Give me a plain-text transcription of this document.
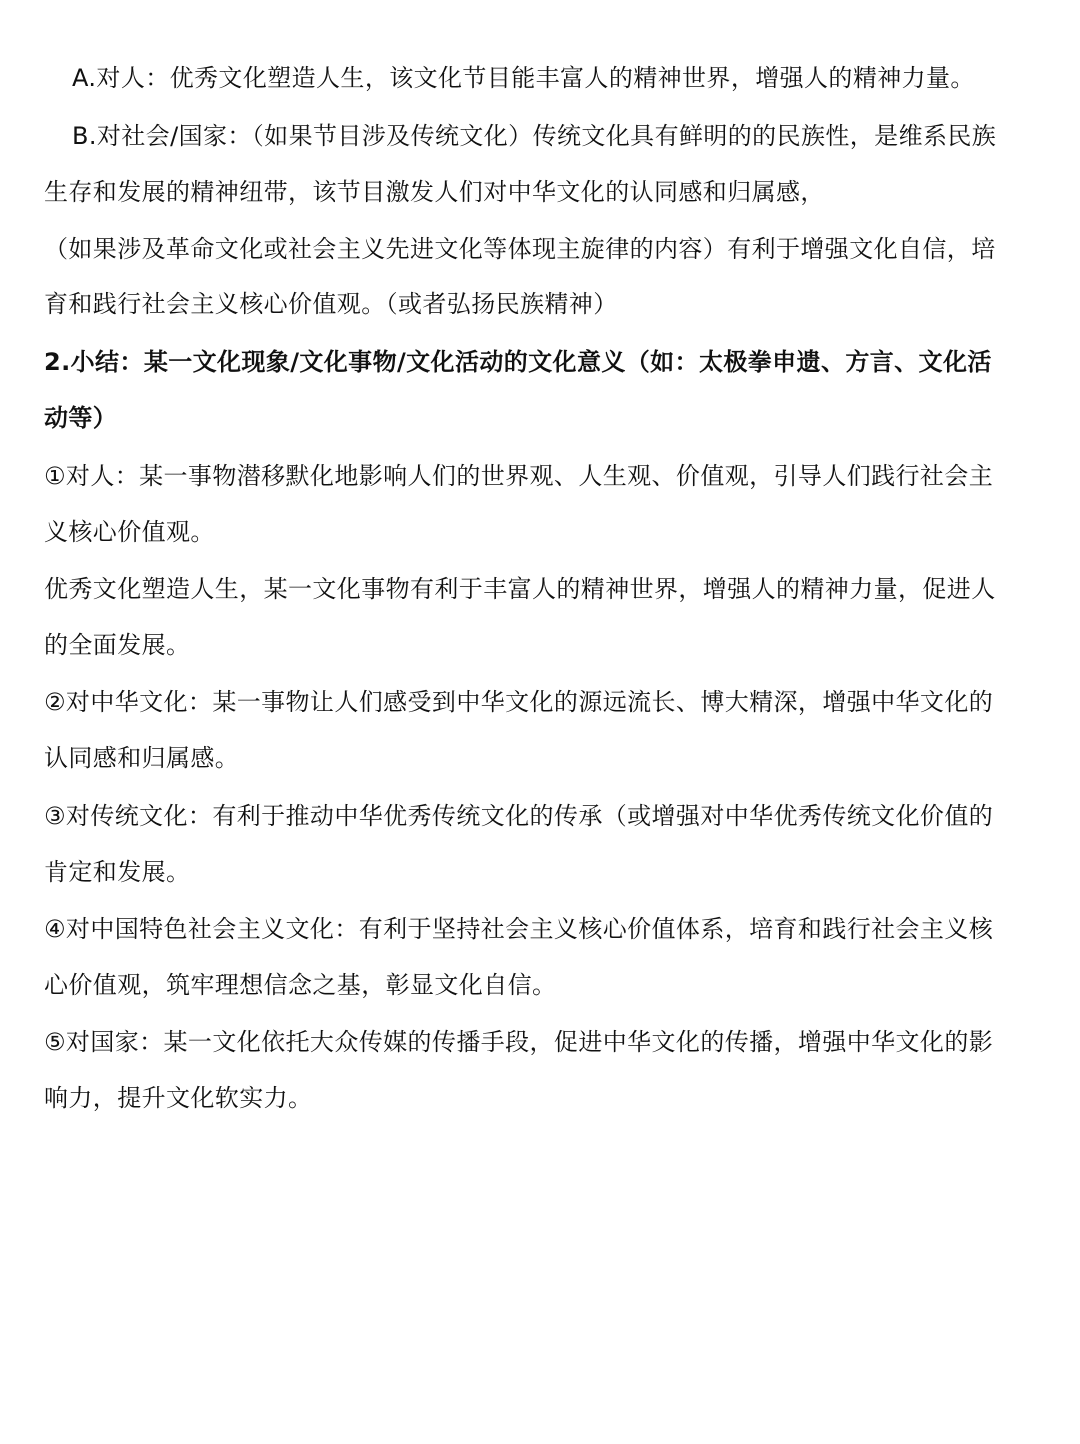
A.对人：优秀文化塑造人生，该文化节目能丰富人的精神世界，增强人的精神力量。
B.对社会/国家：（如果节目涉及传统文化）传统文化具有鲜明的的民族性，是维系民族
生存和发展的精神纽带，该节目激发人们对中华文化的认同感和归属感，
（如果涉及革命文化或社会主义先进文化等体现主旋律的内容）有利于增强文化自信，培
育和践行社会主义核心价值观。（或者弘扬民族精神）
2.小结：某一文化现象/文化事物/文化活动的文化意义（如：太极拳申遗、方言、文化活
动等）
①对人：某一事物潜移默化地影响人们的世界观、人生观、价值观，引导人们践行社会主
义核心价值观。
优秀文化塑造人生，某一文化事物有利于丰富人的精神世界，增强人的精神力量，促进人
的全面发展。
②对中华文化：某一事物让人们感受到中华文化的源远流长、博大精深，增强中华文化的
认同感和归属感。
③对传统文化：有利于推动中华优秀传统文化的传承（或增强对中华优秀传统文化价值的
肯定和发展。
④对中国特色社会主义文化：有利于坚持社会主义核心价值体系，培育和践行社会主义核
心价值观，筑牢理想信念之基，彰显文化自信。
⑤对国家：某一文化依托大众传媒的传播手段，促进中华文化的传播，增强中华文化的影
响力，提升文化软实力。
